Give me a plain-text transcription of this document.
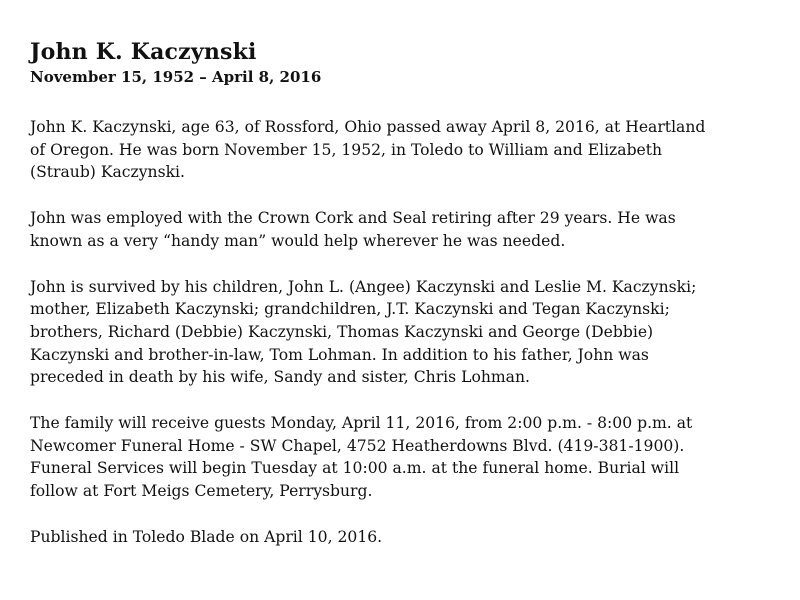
John K. Kaczynski
November 15, 1952 – April 8, 2016
John K. Kaczynski, age 63, of Rossford, Ohio passed away April 8, 2016, at Heartland
of Oregon. He was born November 15, 1952, in Toledo to William and Elizabeth
(Straub) Kaczynski.
John was employed with the Crown Cork and Seal retiring after 29 years. He was
known as a very “handy man” would help wherever he was needed.
John is survived by his children, John L. (Angee) Kaczynski and Leslie M. Kaczynski;
mother, Elizabeth Kaczynski; grandchildren, J.T. Kaczynski and Tegan Kaczynski;
brothers, Richard (Debbie) Kaczynski, Thomas Kaczynski and George (Debbie)
Kaczynski and brother-in-law, Tom Lohman. In addition to his father, John was
preceded in death by his wife, Sandy and sister, Chris Lohman.
The family will receive guests Monday, April 11, 2016, from 2:00 p.m. - 8:00 p.m. at
Newcomer Funeral Home - SW Chapel, 4752 Heatherdowns Blvd. (419-381-1900).
Funeral Services will begin Tuesday at 10:00 a.m. at the funeral home. Burial will
follow at Fort Meigs Cemetery, Perrysburg.
Published in Toledo Blade on April 10, 2016.
